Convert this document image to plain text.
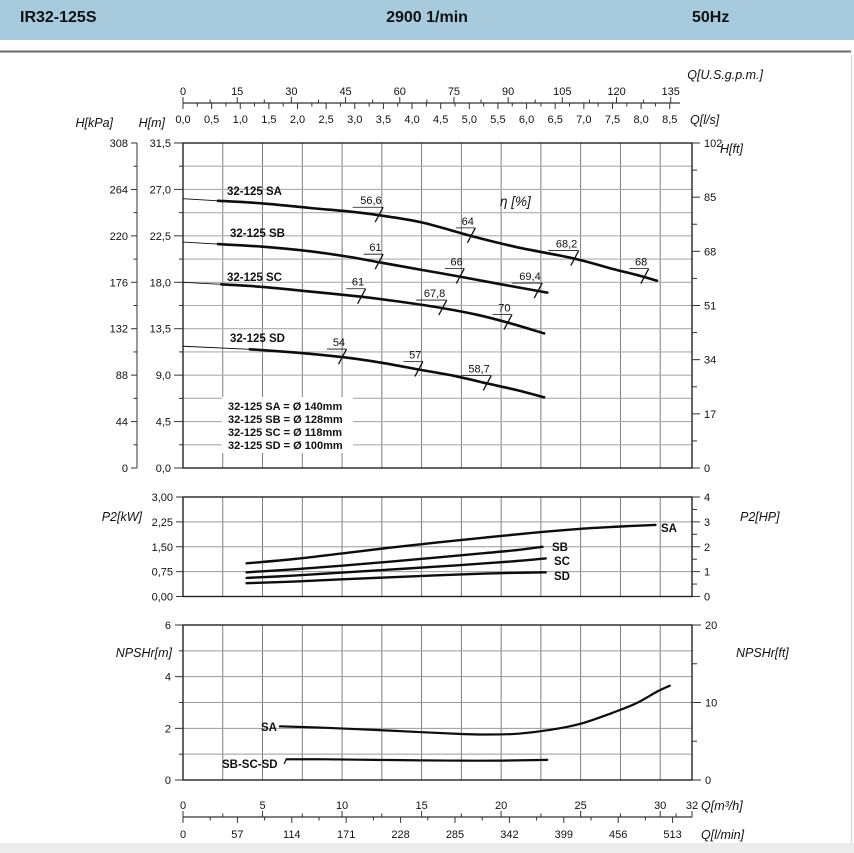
IR32-125S	2900 1/min	50Hz
0	15	30	45	60	75	90	105	120	135
0,0 0,5 1,0 1,5 2,0 2,5 3,0 3,5 4,0 4,5 5,0 5,5 6,0 6,5 7,0 7,5 8,0 8,5
Q[U.S.g.p.m.]
Q[l/s]
32-125 SA = Ø 140mm
32-125 SB = Ø 128mm
32-125 SC = Ø 118mm
32-125 SD = Ø 100mm
308
264
220
176
132
88
44
0
31,5
27,0
22,5
18,0
13,5
9,0
4,5
0,0
102
85
68
51
34
17
0
H[kPa] H[m]
H[ft]
η [%]
32-125 SA
56,6
64
68,2
68
32-125 SB
61
66
69,4
32-125 SC	61
67,8
70
32-125 SD	54
57
58,7
3,00
2,25
1,50
0,75
0,00
4
3
2
1
0
P2[kW]	P2[HP]
SA
SB
SC
SD
6
4
2
0
20
10
0
NPSHr[m]	NPSHr[ft]
SA
SB-SC-SD
0	5	10	15	20	25	30 32
0	57	114	171	228	285	342	399	456	513
Q[m³/h]
Q[l/min]
